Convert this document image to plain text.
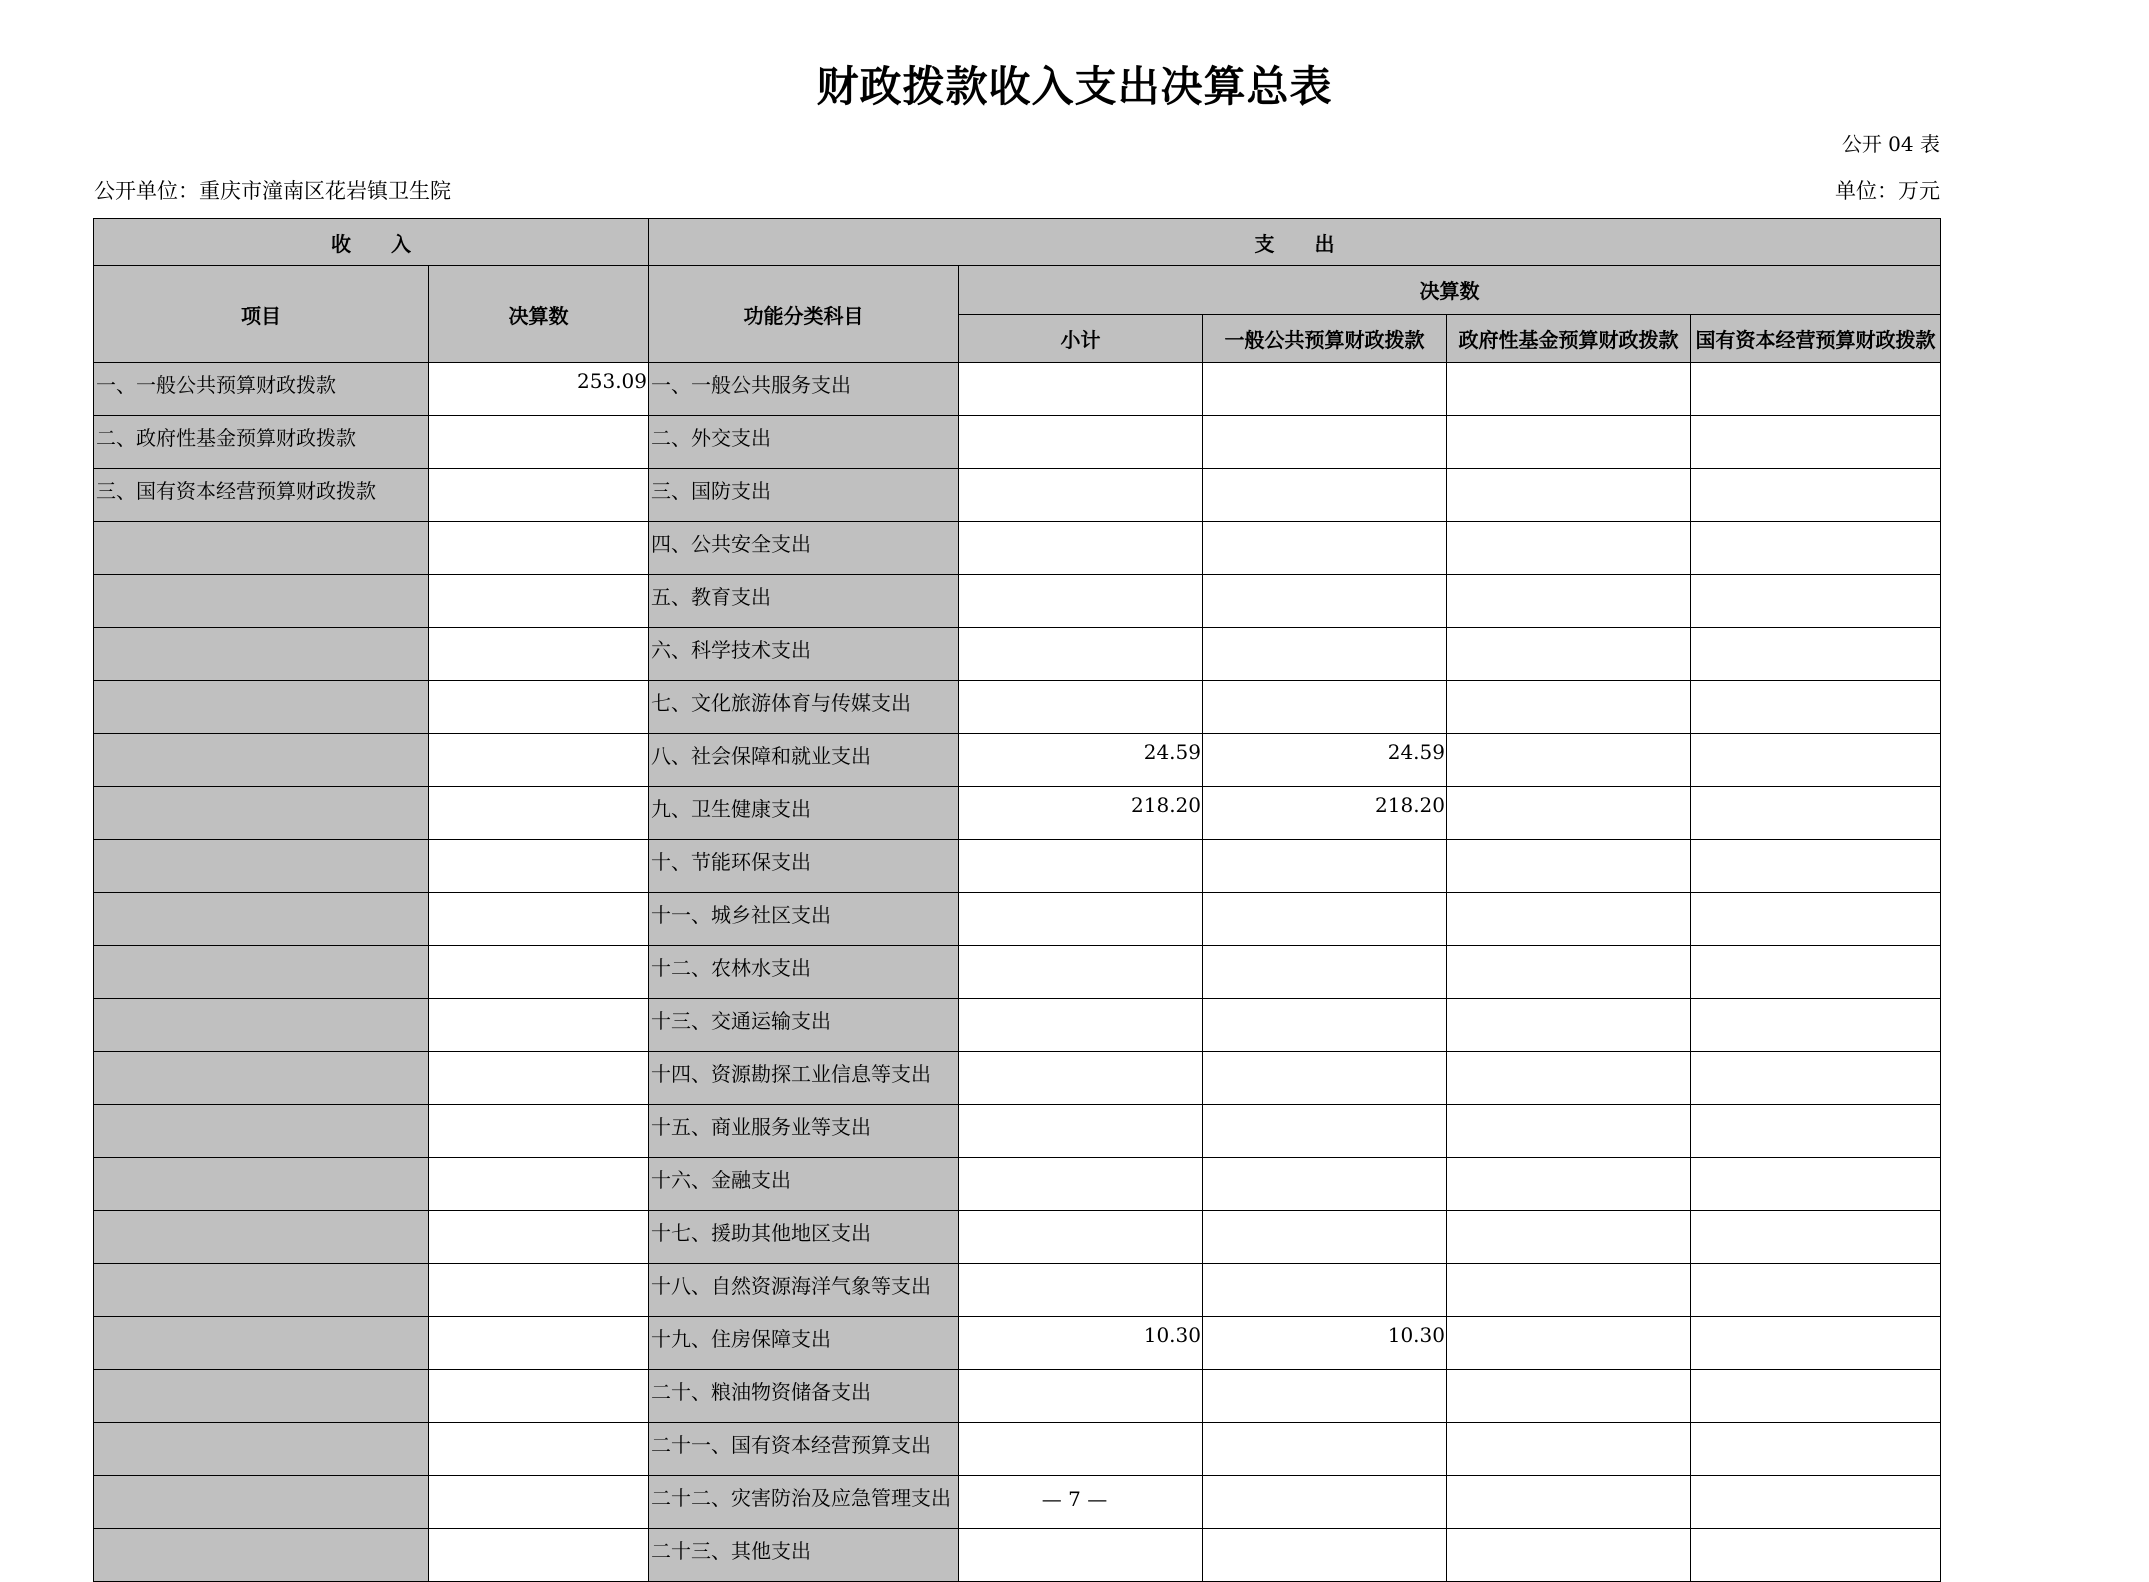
财政拨款收入支出决算总表
公开 04 表
公开单位：重庆市潼南区花岩镇卫生院	单位：万元
收　　入		支　　出				
项目	决算数	功能分类科目	决算数			
			小计	一般公共预算财政拨款	政府性基金预算财政拨款	国有资本经营预算财政拨款
一、一般公共预算财政拨款	253.09	一、一般公共服务支出				
二、政府性基金预算财政拨款		二、外交支出				
三、国有资本经营预算财政拨款		三、国防支出				
		四、公共安全支出				
		五、教育支出				
		六、科学技术支出				
		七、文化旅游体育与传媒支出				
		八、社会保障和就业支出	24.59	24.59		
		九、卫生健康支出	218.20	218.20		
		十、节能环保支出				
		十一、城乡社区支出				
		十二、农林水支出				
		十三、交通运输支出				
		十四、资源勘探工业信息等支出				
		十五、商业服务业等支出				
		十六、金融支出				
		十七、援助其他地区支出				
		十八、自然资源海洋气象等支出				
		十九、住房保障支出	10.30	10.30		
		二十、粮油物资储备支出				
		二十一、国有资本经营预算支出				
		二十二、灾害防治及应急管理支出				
		二十三、其他支出				
— 7 —
